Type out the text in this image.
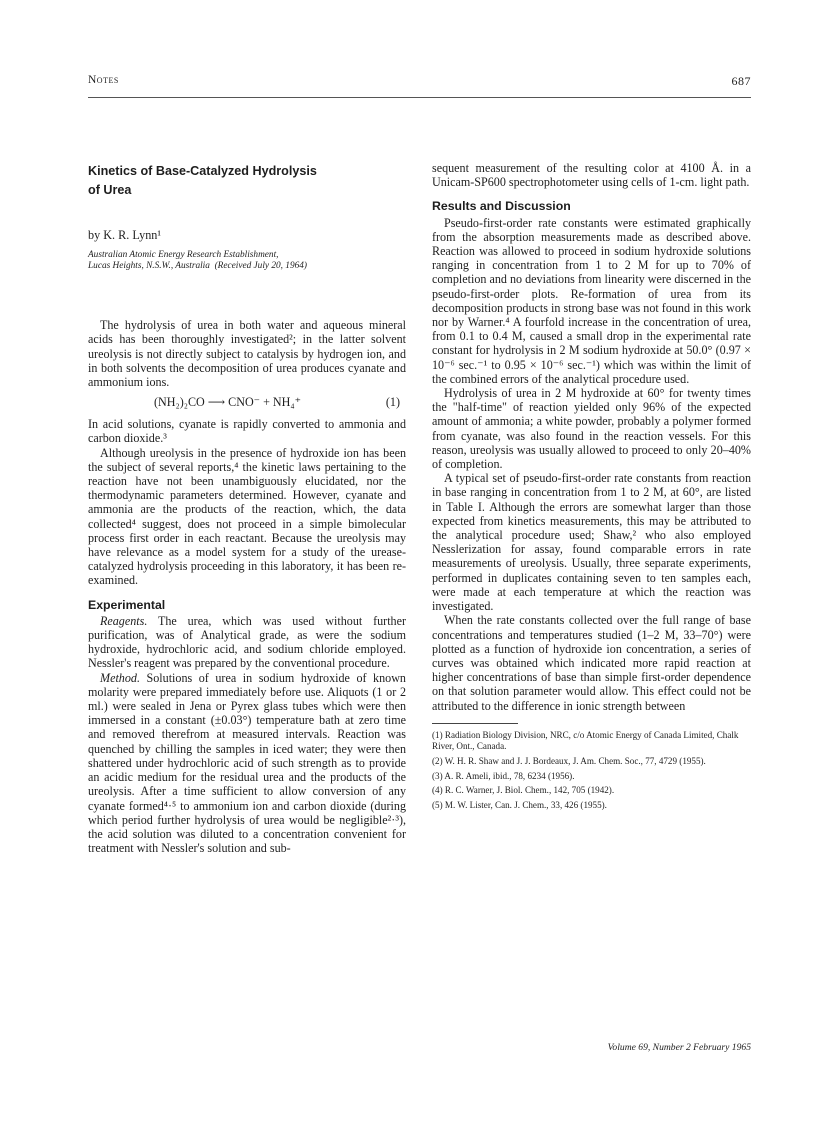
Notes	687
Kinetics of Base-Catalyzed Hydrolysis
of Urea

by K. R. Lynn¹

Australian Atomic Energy Research Establishment,
Lucas Heights, N.S.W., Australia (Received July 20, 1964)

The hydrolysis of urea in both water and aqueous mineral acids has been thoroughly investigated²; in the latter solvent ureolysis is not directly subject to catalysis by hydrogen ion, and in both solvents the decomposition of urea produces cyanate and ammonium ions.

(NH₂)₂CO ⟶ CNO⁻ + NH₄⁺	(1)

In acid solutions, cyanate is rapidly converted to ammonia and carbon dioxide.³

Although ureolysis in the presence of hydroxide ion has been the subject of several reports,⁴ the kinetic laws pertaining to the reaction have not been unambiguously elucidated, nor the thermodynamic parameters determined. However, cyanate and ammonia are the products of the reaction, which, the data collected⁴ suggest, does not proceed in a simple bimolecular process first order in each reactant. Because the ureolysis may have relevance as a model system for a study of the urease-catalyzed hydrolysis proceeding in this laboratory, it has been re-examined.

Experimental

Reagents. The urea, which was used without further purification, was of Analytical grade, as were the sodium hydroxide, hydrochloric acid, and sodium chloride employed. Nessler's reagent was prepared by the conventional procedure.

Method. Solutions of urea in sodium hydroxide of known molarity were prepared immediately before use. Aliquots (1 or 2 ml.) were sealed in Jena or Pyrex glass tubes which were then immersed in a constant (±0.03°) temperature bath at zero time and removed therefrom at measured intervals. Reaction was quenched by chilling the samples in iced water; they were then shattered under hydrochloric acid of such strength as to provide an acidic medium for the residual urea and the products of the ureolysis. After a time sufficient to allow conversion of any cyanate formed⁴·⁵ to ammonium ion and carbon dioxide (during which period further hydrolysis of urea would be negligible²·³), the acid solution was diluted to a concentration convenient for treatment with Nessler's solution and sub-

sequent measurement of the resulting color at 4100 Å. in a Unicam-SP600 spectrophotometer using cells of 1-cm. light path.

Results and Discussion

Pseudo-first-order rate constants were estimated graphically from the absorption measurements made as described above. Reaction was allowed to proceed in sodium hydroxide solutions ranging in concentration from 1 to 2 M for up to 70% of completion and no deviations from linearity were discerned in the pseudo-first-order plots. Re-formation of urea from its decomposition products in strong base was not found in this work nor by Warner.⁴ A fourfold increase in the concentration of urea, from 0.1 to 0.4 M, caused a small drop in the experimental rate constant for hydrolysis in 2 M sodium hydroxide at 50.0° (0.97 × 10⁻⁶ sec.⁻¹ to 0.95 × 10⁻⁶ sec.⁻¹) which was within the limit of the combined errors of the analytical procedure used.

Hydrolysis of urea in 2 M hydroxide at 60° for twenty times the "half-time" of reaction yielded only 96% of the expected amount of ammonia; a white powder, probably a polymer formed from cyanate, was also found in the reaction vessels. For this reason, ureolysis was usually allowed to proceed to only 20–40% of completion.

A typical set of pseudo-first-order rate constants from reaction in base ranging in concentration from 1 to 2 M, at 60°, are listed in Table I. Although the errors are somewhat larger than those expected from kinetics measurements, this may be attributed to the analytical procedure used; Shaw,² who also employed Nesslerization for assay, found comparable errors in rate measurements of ureolysis. Usually, three separate experiments, performed in duplicates containing seven to ten samples each, were made at each temperature at which the reaction was investigated.

When the rate constants collected over the full range of base concentrations and temperatures studied (1–2 M, 33–70°) were plotted as a function of hydroxide ion concentration, a series of curves was obtained which indicated more rapid reaction at higher concentrations of base than simple first-order dependence on that solution parameter would allow. This effect could not be attributed to the difference in ionic strength between

(1) Radiation Biology Division, NRC, c/o Atomic Energy of Canada Limited, Chalk River, Ont., Canada.
(2) W. H. R. Shaw and J. J. Bordeaux, J. Am. Chem. Soc., 77, 4729 (1955).
(3) A. R. Ameli, ibid., 78, 6234 (1956).
(4) R. C. Warner, J. Biol. Chem., 142, 705 (1942).
(5) M. W. Lister, Can. J. Chem., 33, 426 (1955).
Volume 69, Number 2 February 1965
